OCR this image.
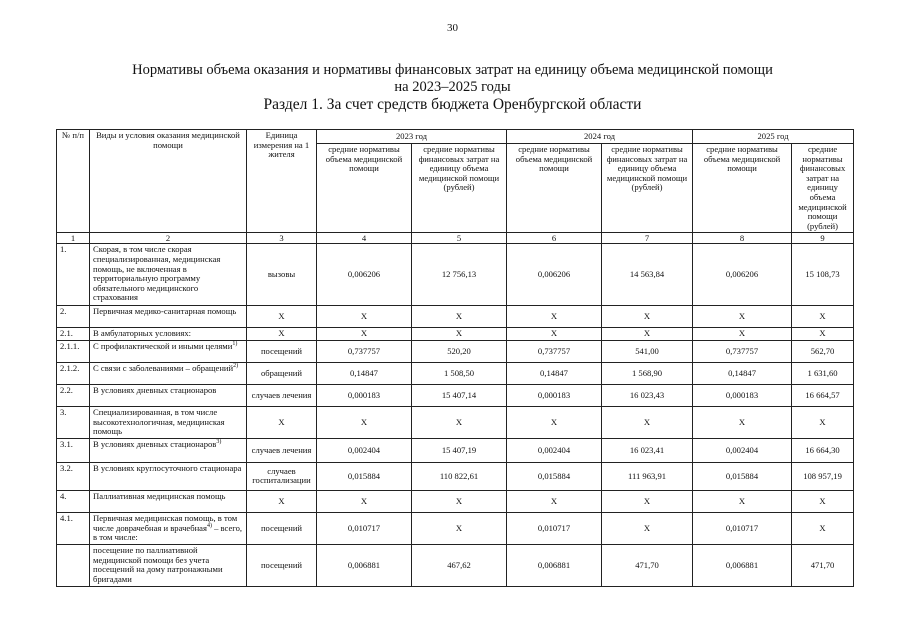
30
Нормативы объема оказания и нормативы финансовых затрат на единицу объема медицинской помощи
на 2023–2025 годы
Раздел 1. За счет средств бюджета Оренбургской области
№ п/п	Виды и условия оказания медицинской помощи	Единица измерения на 1 жителя	2023 год		2024 год		2025 год	
			средние нормативы объема медицинской помощи	средние нормативы финансовых затрат на единицу объема медицинской помощи (рублей)	средние нормативы объема медицинской помощи	средние нормативы финансовых затрат на единицу объема медицинской помощи (рублей)	средние нормативы объема медицинской помощи	средние нормативы финансовых затрат на единицу объема медицинской помощи (рублей)
1	2	3	4	5	6	7	8	9
1.	Скорая, в том числе скорая специализированная, медицинская помощь, не включенная в территориальную программу обязательного медицинского страхования	вызовы	0,006206	12 756,13	0,006206	14 563,84	0,006206	15 108,73
2.	Первичная медико-санитарная помощь	X	X	X	X	X	X	X
2.1.	В амбулаторных условиях:	X	X	X	X	X	X	X
2.1.1.	С профилактической и иными целями$^{1)}$	посещений	0,737757	520,20	0,737757	541,00	0,737757	562,70
2.1.2.	С связи с заболеваниями – обращений$^{2)}$	обращений	0,14847	1 508,50	0,14847	1 568,90	0,14847	1 631,60
2.2.	В условиях дневных стационаров	случаев лечения	0,000183	15 407,14	0,000183	16 023,43	0,000183	16 664,57
3.	Специализированная, в том числе высокотехнологичная, медицинская помощь	X	X	X	X	X	X	X
3.1.	В условиях дневных стационаров$^{3)}$	случаев лечения	0,002404	15 407,19	0,002404	16 023,41	0,002404	16 664,30
3.2.	В условиях круглосуточного стационара	случаев госпитализации	0,015884	110 822,61	0,015884	111 963,91	0,015884	108 957,19
4.	Паллиативная медицинская помощь	X	X	X	X	X	X	X
4.1.	Первичная медицинская помощь, в том числе доврачебная и врачебная$^{4)}$ – всего, в том числе:	посещений	0,010717	X	0,010717	X	0,010717	X
	посещение по паллиативной медицинской помощи без учета посещений на дому патронажными бригадами	посещений	0,006881	467,62	0,006881	471,70	0,006881	471,70
